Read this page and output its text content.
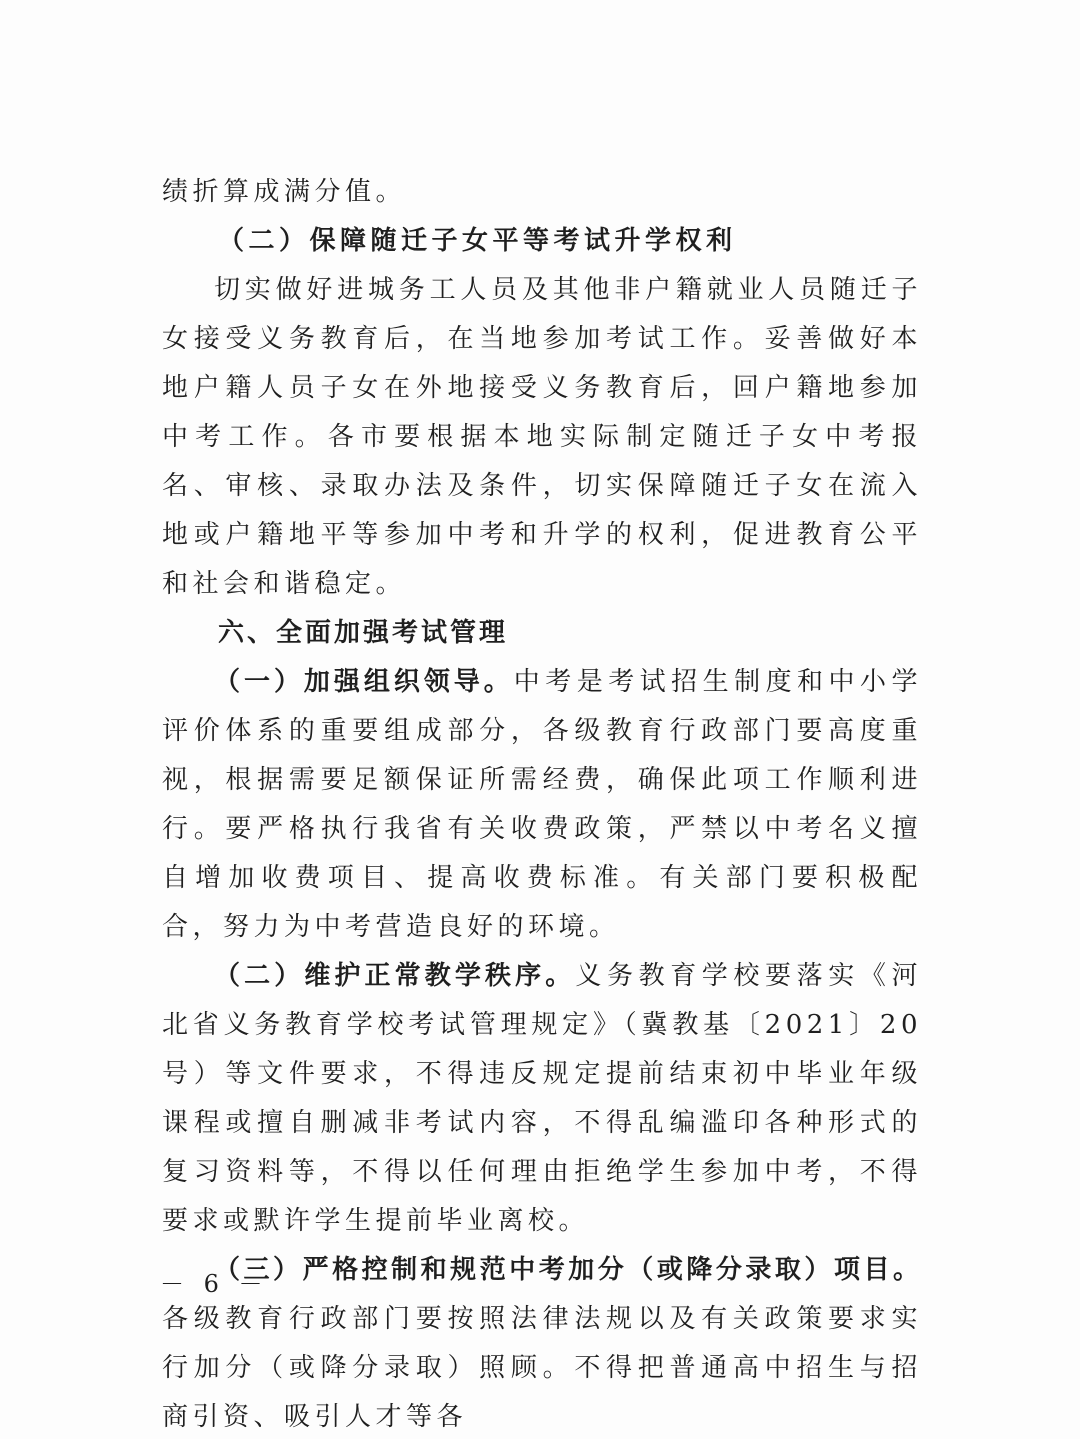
绩折算成满分值。

（二）保障随迁子女平等考试升学权利

切实做好进城务工人员及其他非户籍就业人员随迁子女接受义务教育后，在当地参加考试工作。妥善做好本地户籍人员子女在外地接受义务教育后，回户籍地参加中考工作。各市要根据本地实际制定随迁子女中考报名、审核、录取办法及条件，切实保障随迁子女在流入地或户籍地平等参加中考和升学的权利，促进教育公平和社会和谐稳定。

六、全面加强考试管理

（一）加强组织领导。中考是考试招生制度和中小学评价体系的重要组成部分，各级教育行政部门要高度重视，根据需要足额保证所需经费，确保此项工作顺利进行。要严格执行我省有关收费政策，严禁以中考名义擅自增加收费项目、提高收费标准。有关部门要积极配合，努力为中考营造良好的环境。

（二）维护正常教学秩序。义务教育学校要落实《河北省义务教育学校考试管理规定》（冀教基〔2021〕20号）等文件要求，不得违反规定提前结束初中毕业年级课程或擅自删减非考试内容，不得乱编滥印各种形式的复习资料等，不得以任何理由拒绝学生参加中考，不得要求或默许学生提前毕业离校。

（三）严格控制和规范中考加分（或降分录取）项目。各级教育行政部门要按照法律法规以及有关政策要求实行加分（或降分录取）照顾。不得把普通高中招生与招商引资、吸引人才等各

－ 6 －
